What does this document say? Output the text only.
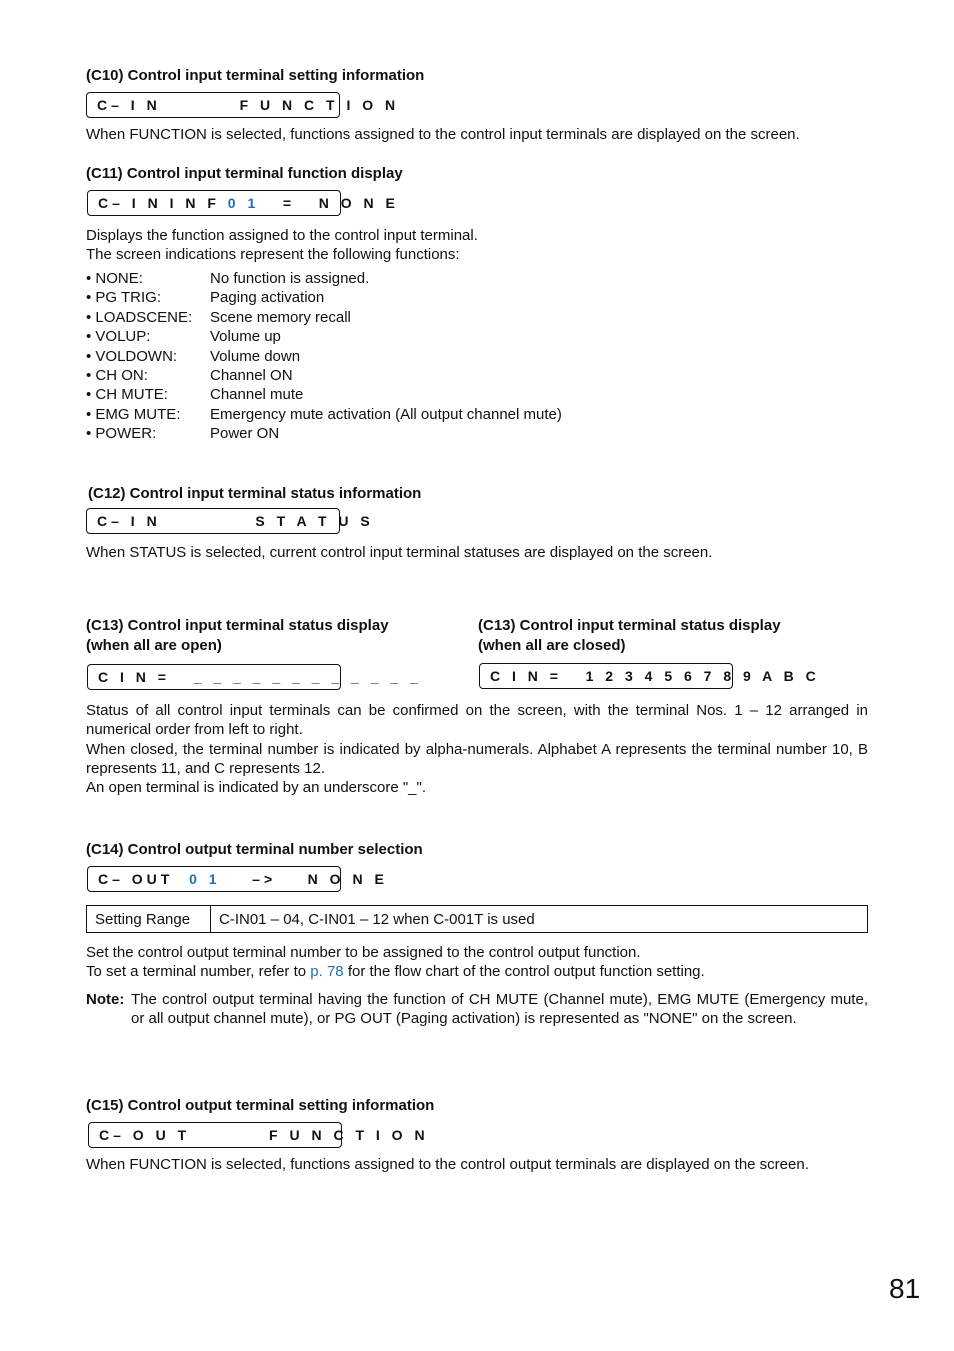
(C10) Control input terminal setting information
C– I N          F U N C T I O N
When FUNCTION is selected, functions assigned to the control input terminals are displayed on the screen.
(C11) Control input terminal function display
C– I N I N F 0 1   =   N O N E
Displays the function assigned to the control input terminal.
The screen indications represent the following functions:
• NONE:	No function is assigned.
• PG TRIG:	Paging activation
• LOADSCENE: Scene memory recall
• VOLUP:	Volume up
• VOLDOWN: Volume down
• CH ON:	Channel ON
• CH MUTE:	Channel mute
• EMG MUTE: Emergency mute activation (All output channel mute)
• POWER:	Power ON
(C12) Control input terminal status information
C– I N            S T A T U S
When STATUS is selected, current control input terminal statuses are displayed on the screen.
(C13) Control input terminal status display
(when all are open)
C I N =   _ _ _ _ _ _ _ _ _ _ _ _
(C13) Control input terminal status display
(when all are closed)
C I N =   1 2 3 4 5 6 7 8 9 A B C
Status of all control input terminals can be confirmed on the screen, with the terminal Nos. 1 – 12 arranged in numerical order from left to right.
When closed, the terminal number is indicated by alpha-numerals. Alphabet A represents the terminal number 10, B represents 11, and C represents 12.
An open terminal is indicated by an underscore "_".
(C14) Control output terminal number selection
C– OUT  0 1    –>    N O N E
Setting Range	C-IN01 – 04, C-IN01 – 12 when C-001T is used
Set the control output terminal number to be assigned to the control output function.
To set a terminal number, refer to p. 78 for the flow chart of the control output function setting.
Note: The control output terminal having the function of CH MUTE (Channel mute), EMG MUTE (Emergency mute, or all output channel mute), or PG OUT (Paging activation) is represented as "NONE" on the screen.
(C15) Control output terminal setting information
C– O U T          F U N C T I O N
When FUNCTION is selected, functions assigned to the control output terminals are displayed on the screen.
81
